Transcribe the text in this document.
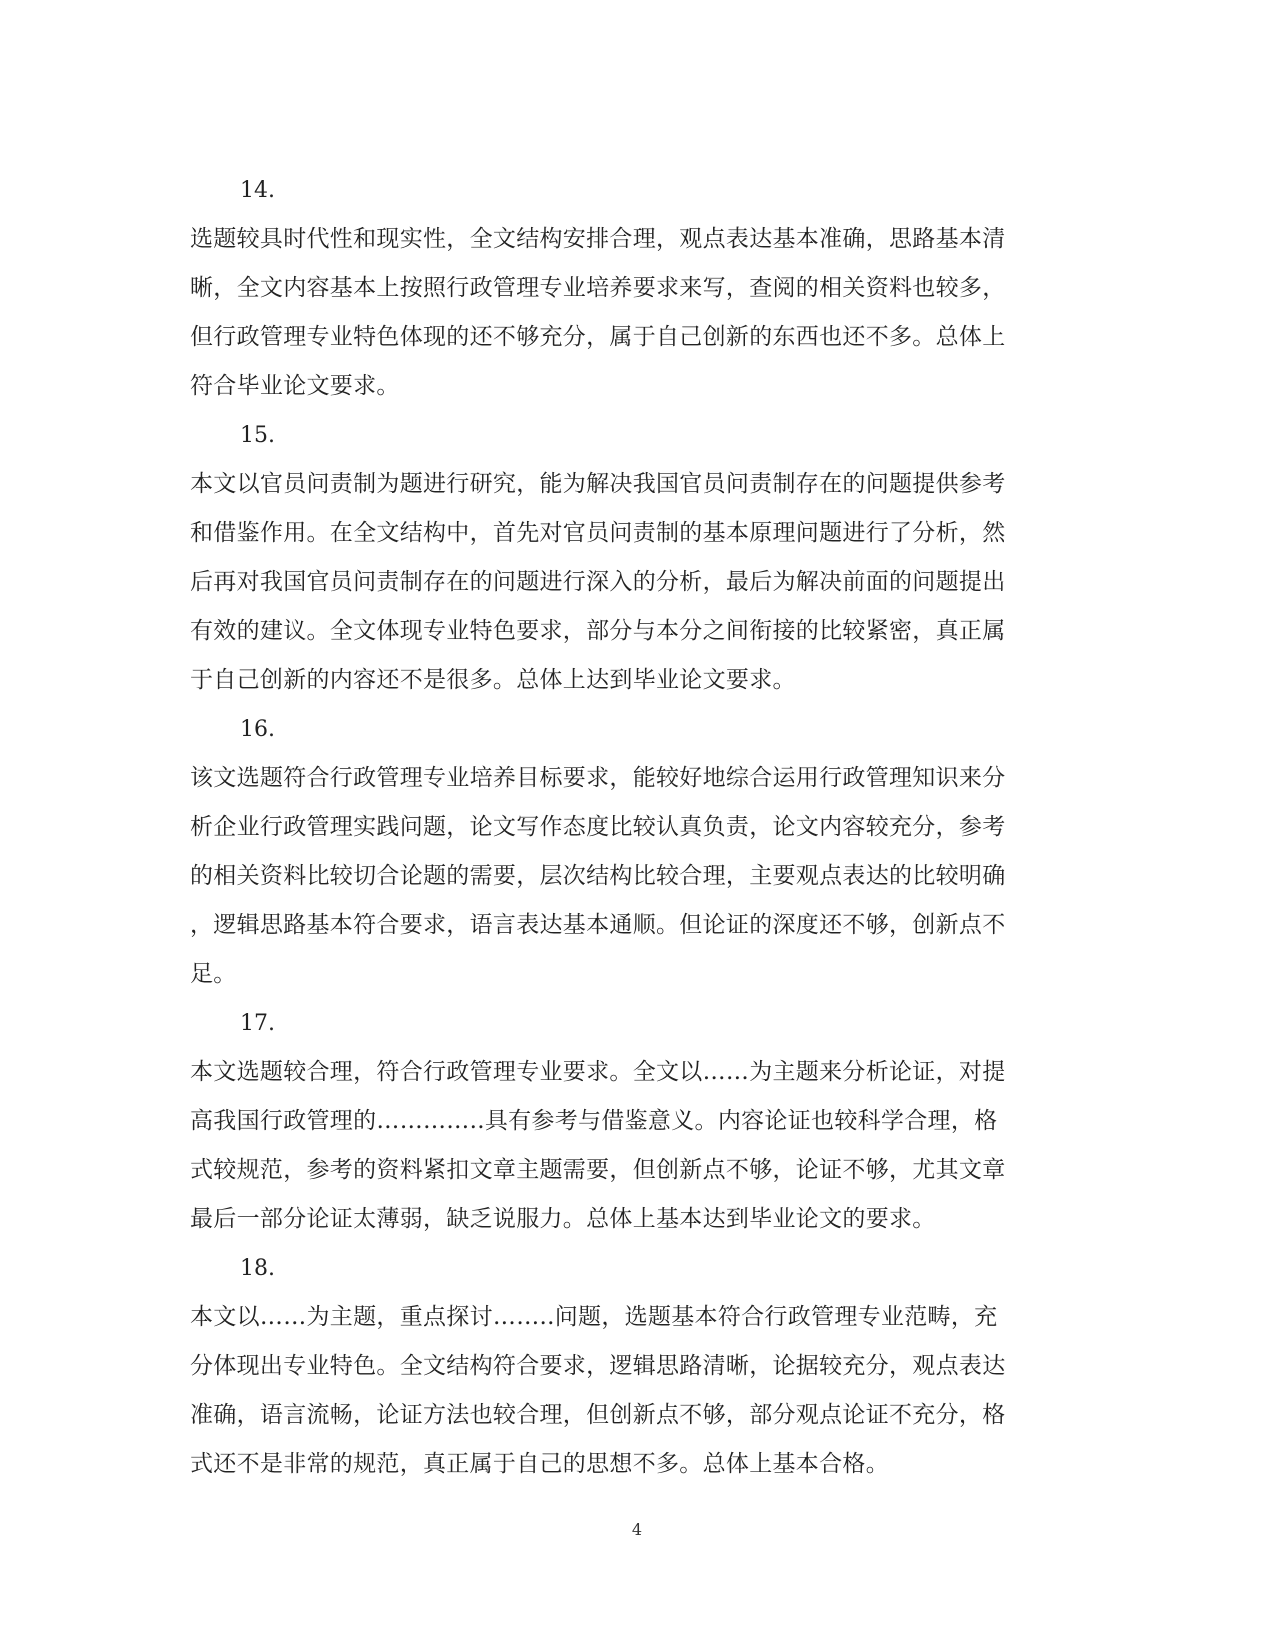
14.

选题较具时代性和现实性，全文结构安排合理，观点表达基本准确，思路基本清
晰，全文内容基本上按照行政管理专业培养要求来写，查阅的相关资料也较多，
但行政管理专业特色体现的还不够充分，属于自己创新的东西也还不多。总体上
符合毕业论文要求。

15.

本文以官员问责制为题进行研究，能为解决我国官员问责制存在的问题提供参考
和借鉴作用。在全文结构中，首先对官员问责制的基本原理问题进行了分析，然
后再对我国官员问责制存在的问题进行深入的分析，最后为解决前面的问题提出
有效的建议。全文体现专业特色要求，部分与本分之间衔接的比较紧密，真正属
于自己创新的内容还不是很多。总体上达到毕业论文要求。

16.

该文选题符合行政管理专业培养目标要求，能较好地综合运用行政管理知识来分
析企业行政管理实践问题，论文写作态度比较认真负责，论文内容较充分，参考
的相关资料比较切合论题的需要，层次结构比较合理，主要观点表达的比较明确
，逻辑思路基本符合要求，语言表达基本通顺。但论证的深度还不够，创新点不
足。

17.

本文选题较合理，符合行政管理专业要求。全文以……为主题来分析论证，对提
高我国行政管理的…………..具有参考与借鉴意义。内容论证也较科学合理，格
式较规范，参考的资料紧扣文章主题需要，但创新点不够，论证不够，尤其文章
最后一部分论证太薄弱，缺乏说服力。总体上基本达到毕业论文的要求。

18.

本文以……为主题，重点探讨……..问题，选题基本符合行政管理专业范畴，充
分体现出专业特色。全文结构符合要求，逻辑思路清晰，论据较充分，观点表达
准确，语言流畅，论证方法也较合理，但创新点不够，部分观点论证不充分，格
式还不是非常的规范，真正属于自己的思想不多。总体上基本合格。

4
